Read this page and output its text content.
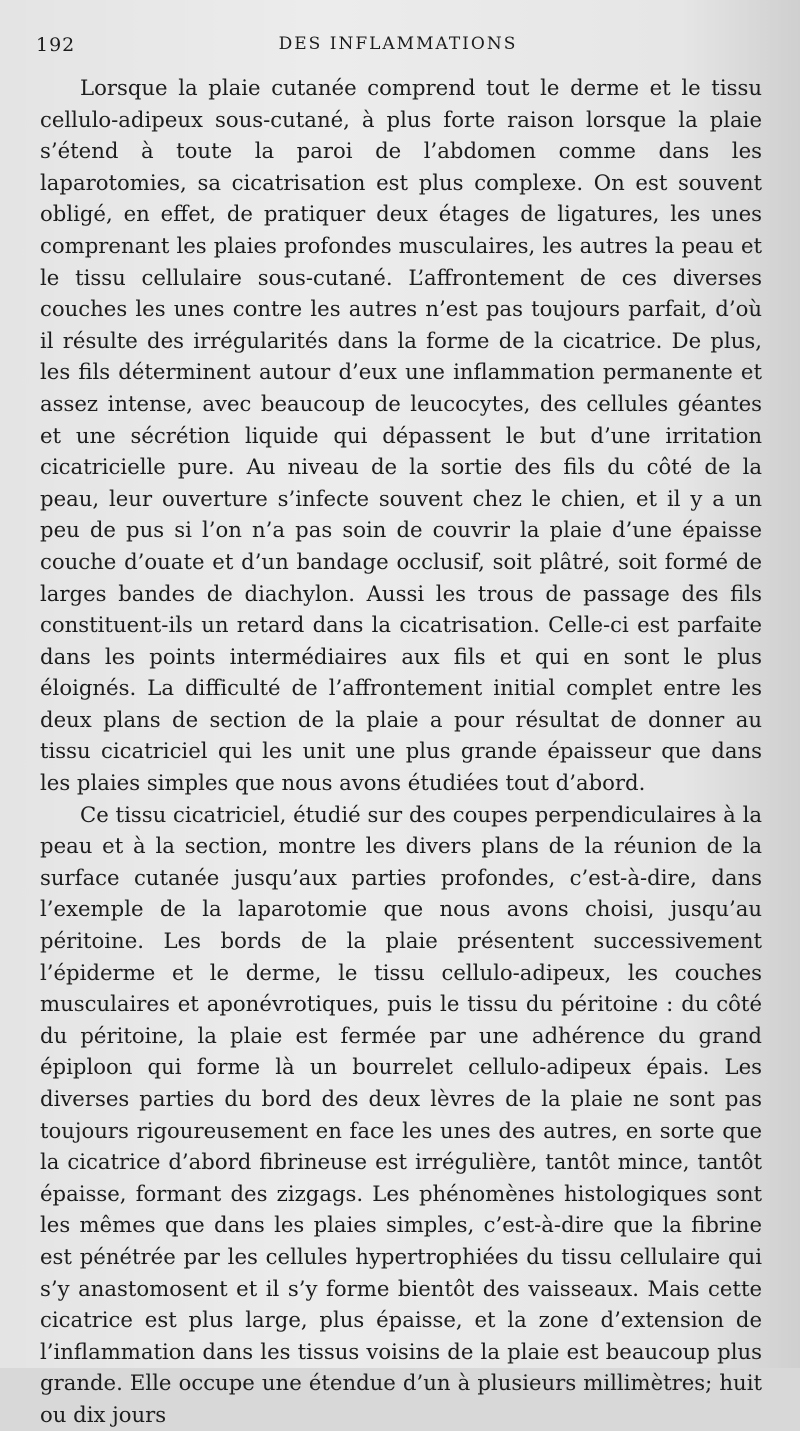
192	DES INFLAMMATIONS

Lorsque la plaie cutanée comprend tout le derme et le tissu cellulo-adipeux sous-cutané, à plus forte raison lorsque la plaie s’étend à toute la paroi de l’abdomen comme dans les laparotomies, sa cicatrisation est plus complexe. On est souvent obligé, en effet, de pratiquer deux étages de ligatures, les unes comprenant les plaies profondes musculaires, les autres la peau et le tissu cellulaire sous-cutané. L’affrontement de ces diverses couches les unes contre les autres n’est pas toujours parfait, d’où il résulte des irrégularités dans la forme de la cicatrice. De plus, les fils déterminent autour d’eux une inflammation permanente et assez intense, avec beaucoup de leucocytes, des cellules géantes et une sécrétion liquide qui dépassent le but d’une irritation cicatricielle pure. Au niveau de la sortie des fils du côté de la peau, leur ouverture s’infecte souvent chez le chien, et il y a un peu de pus si l’on n’a pas soin de couvrir la plaie d’une épaisse couche d’ouate et d’un bandage occlusif, soit plâtré, soit formé de larges bandes de diachylon. Aussi les trous de passage des fils constituent-ils un retard dans la cicatrisation. Celle-ci est parfaite dans les points intermédiaires aux fils et qui en sont le plus éloignés. La difficulté de l’affrontement initial complet entre les deux plans de section de la plaie a pour résultat de donner au tissu cicatriciel qui les unit une plus grande épaisseur que dans les plaies simples que nous avons étudiées tout d’abord.

Ce tissu cicatriciel, étudié sur des coupes perpendiculaires à la peau et à la section, montre les divers plans de la réunion de la surface cutanée jusqu’aux parties profondes, c’est-à-dire, dans l’exemple de la laparotomie que nous avons choisi, jusqu’au péritoine. Les bords de la plaie présentent successivement l’épiderme et le derme, le tissu cellulo-adipeux, les couches musculaires et aponévrotiques, puis le tissu du péritoine : du côté du péritoine, la plaie est fermée par une adhérence du grand épiploon qui forme là un bourrelet cellulo-adipeux épais. Les diverses parties du bord des deux lèvres de la plaie ne sont pas toujours rigoureusement en face les unes des autres, en sorte que la cicatrice d’abord fibrineuse est irrégulière, tantôt mince, tantôt épaisse, formant des zizgags. Les phénomènes histologiques sont les mêmes que dans les plaies simples, c’est-à-dire que la fibrine est pénétrée par les cellules hypertrophiées du tissu cellulaire qui s’y anastomosent et il s’y forme bientôt des vaisseaux. Mais cette cicatrice est plus large, plus épaisse, et la zone d’extension de l’inflammation dans les tissus voisins de la plaie est beaucoup plus grande. Elle occupe une étendue d’un à plusieurs millimètres; huit ou dix jours
